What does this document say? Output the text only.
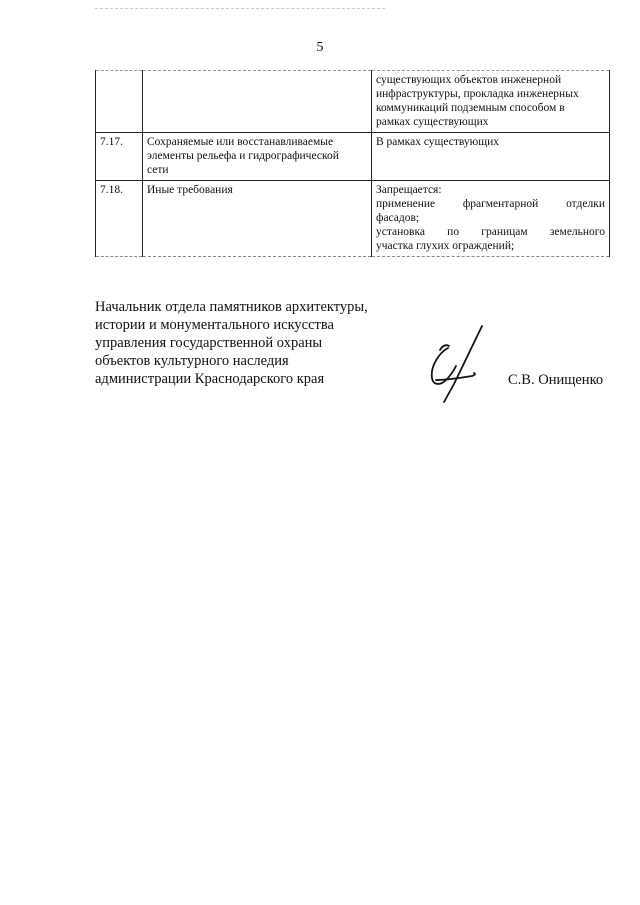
5

		существующих объектов инженерной
инфраструктуры, прокладка инженерных
коммуникаций подземным способом в
рамках существующих

7.17.	Сохраняемые или восстанавливаемые
элементы рельефа и гидрографической
сети	В рамках существующих

7.18.	Иные требования	Запрещается:
применение фрагментарной отделки
фасадов;
установка по границам земельного
участка глухих ограждений;
Начальник отдела памятников архитектуры,
истории и монументального искусства
управления государственной охраны
объектов культурного наследия
администрации Краснодарского края	С.В. Онищенко
